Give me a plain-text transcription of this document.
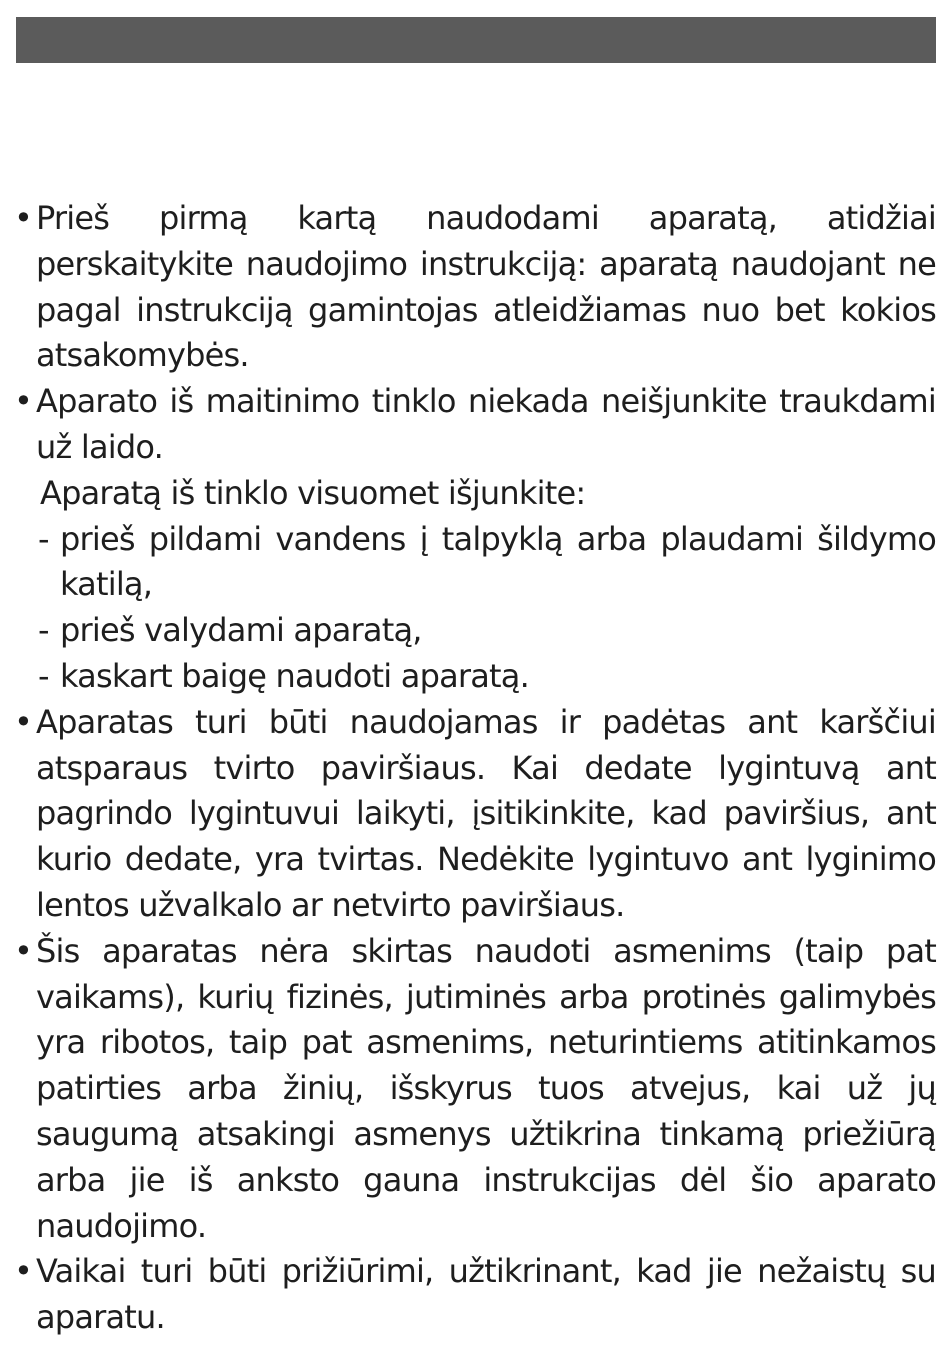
• Prieš pirmą kartą naudodami aparatą, atidžiai perskaitykite naudojimo instrukciją: aparatą naudojant ne pagal instrukciją gamintojas atleidžiamas nuo bet kokios atsakomybės.
• Aparato iš maitinimo tinklo niekada neišjunkite traukdami už laido.
Aparatą iš tinklo visuomet išjunkite:
- prieš pildami vandens į talpyklą arba plaudami šildymo katilą,
- prieš valydami aparatą,
- kaskart baigę naudoti aparatą.
• Aparatas turi būti naudojamas ir padėtas ant karščiui atsparaus tvirto paviršiaus. Kai dedate lygintuvą ant pagrindo lygintuvui laikyti, įsitikinkite, kad paviršius, ant kurio dedate, yra tvirtas. Nedėkite lygintuvo ant lyginimo lentos užvalkalo ar netvirto paviršiaus.
• Šis aparatas nėra skirtas naudoti asmenims (taip pat vaikams), kurių fizinės, jutiminės arba protinės galimybės yra ribotos, taip pat asmenims, neturintiems atitinkamos patirties arba žinių, išskyrus tuos atvejus, kai už jų saugumą atsakingi asmenys užtikrina tinkamą priežiūrą arba jie iš anksto gauna instrukcijas dėl šio aparato naudojimo.
• Vaikai turi būti prižiūrimi, užtikrinant, kad jie nežaistų su aparatu.
